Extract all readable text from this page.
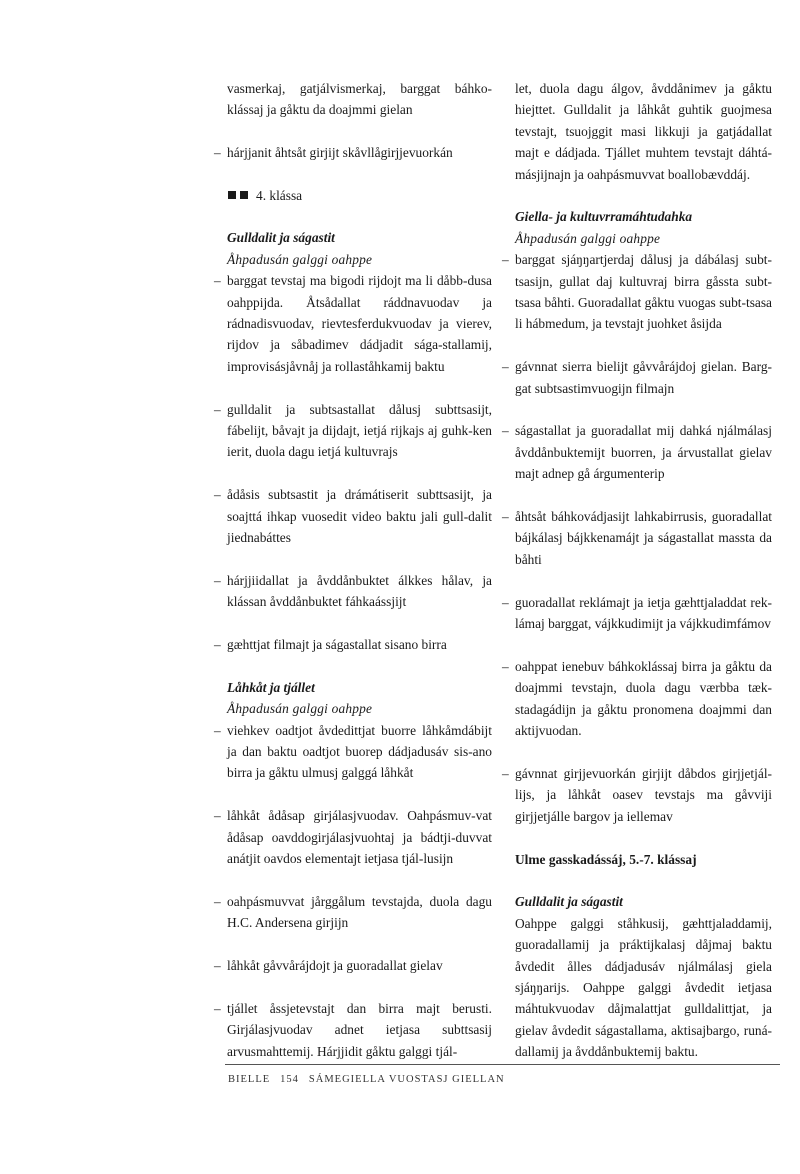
vasmerkaj, gatjálvismerkaj, barggat báhko-klássaj ja gåktu da doajmmi gielan

– hárjjanit åhtsåt girjijt skåvllågirjjevuorkán
4. klássa
Gulldalit ja ságastit
Åhpadusán galggi oahppe
– barggat tevstaj ma bigodi rijdojt ma li dåbb-dusa oahppijda. Åtsådallat ráddnavuodav ja rádnadisvuodav, rievtesferdukvuodav ja vierev, rijdov ja såbadimev dádjadit sága-stallamij, improvisásjåvnåj ja rollaståhkamij baktu
– gulldalit ja subtsastallat dålusj subttsasijt, fábelijt, båvajt ja dijdajt, ietjá rijkajs aj guhk-ken ierit, duola dagu ietjá kultuvrajs
– ådåsis subtsastit ja drámátiserit subttsasijt, ja soajttá ihkap vuosedit video baktu jali gull-dalit jiednabáttes
– hárjjiidallat ja åvddånbuktet álkkes hålav, ja klássan åvddånbuktet fáhkaássjijt
– gæhttjat filmajt ja ságastallat sisano birra
Låhkåt ja tjállet
Åhpadusán galggi oahppe
– viehkev oadtjot åvdedittjat buorre låhkåmdábijt ja dan baktu oadtjot buorep dádjadusáv sis-ano birra ja gåktu ulmusj galggá låhkåt
– låhkåt ådåsap girjálasjvuodav. Oahpásmuv-vat ådåsap oavddogirjálasjvuohtaj ja bádtji-duvvat anátjit oavdos elementajt ietjasa tjál-lusijn
– oahpásmuvvat jårggålum tevstajda, duola dagu H.C. Andersena girjijn
– låhkåt gåvvårájdojt ja guoradallat gielav
– tjállet åssjetevstajt dan birra majt berusti. Girjálasjvuodav adnet ietjasa subttsasij arvusmahttemij. Hárjjidit gåktu galggi tjál-

let, duola dagu álgov, åvddånimev ja gåktu hiejttet. Gulldalit ja låhkåt guhtik guojmesa tevstajt, tsuojggit masi likkuji ja gatjádallat majt e dádjada. Tjállet muhtem tevstajt dáhtá-másjijnajn ja oahpásmuvvat boallobævddáj.

Giella- ja kultuvrramáhtudahka
Åhpadusán galggi oahppe
– barggat sjáŋŋartjerdaj dålusj ja dábálasj subt-tsasijn, gullat daj kultuvraj birra gåssta subt-tsasa båhti. Guoradallat gåktu vuogas subt-tsasa li hábmedum, ja tevstajt juohket åsijda
– gávnnat sierra bielijt gåvvårájdoj gielan. Barg-gat subtsastimvuogijn filmajn
– ságastallat ja guoradallat mij dahká njálmálasj åvddånbuktemijt buorren, ja árvustallat gielav majt adnep gå árgumenterip
– åhtsåt báhkovádjasijt lahkabirrusis, guoradallat bájkálasj bájkkenamájt ja ságastallat massta da båhti
– guoradallat reklámajt ja ietja gæhttjaladdat rek-lámaj barggat, vájkkudimijt ja vájkkudimfámov
– oahppat ienebuv báhkoklássaj birra ja gåktu da doajmmi tevstajn, duola dagu værbba tæk-stadagádijn ja gåktu pronomena doajmmi dan aktijvuodan.
– gávnnat girjjevuorkán girjijt dåbdos girjjetjál-lijs, ja låhkåt oasev tevstajs ma gåvviji girjjetjálle bargov ja iellemav
Ulme gasskadássáj, 5.-7. klássaj
Gulldalit ja ságastit

Oahppe galggi ståhkusij, gæhttjaladdamij, guoradallamij ja práktijkalasj dåjmaj baktu åvdedit ålles dádjadusáv njálmálasj giela sjáŋŋarijs. Oahppe galggi åvdedit ietjasa máhtukvuodav dåjmalattjat gulldalittjat, ja gielav åvdedit ságastallama, aktisajbargo, runá-dallamij ja åvddånbuktemij baktu.

BIELLE 154 SÁMEGIELLA VUOSTASJ GIELLAN
